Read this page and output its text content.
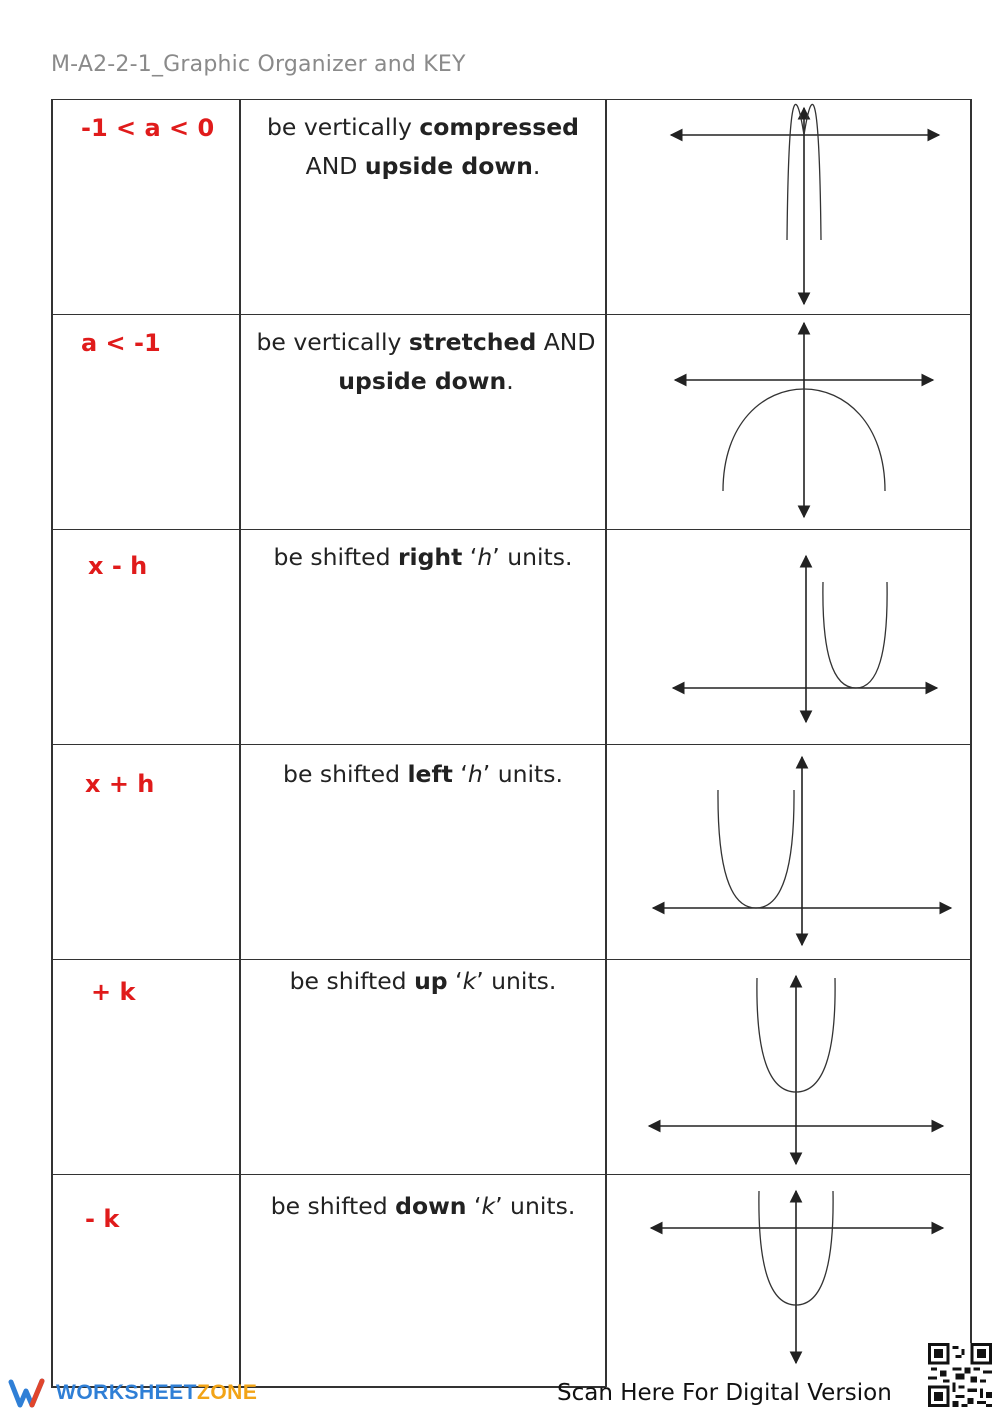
M-A2-2-1_Graphic Organizer and KEY
-1 < a < 0	be vertically compressed
AND upside down.
a < -1	be vertically stretched AND
upside down.
x - h	be shifted right ‘h’ units.
x + h	be shifted left ‘h’ units.
+ k	be shifted up ‘k’ units.
- k	be shifted down ‘k’ units.
WORKSHEETZONE	Scan Here For Digital Version
